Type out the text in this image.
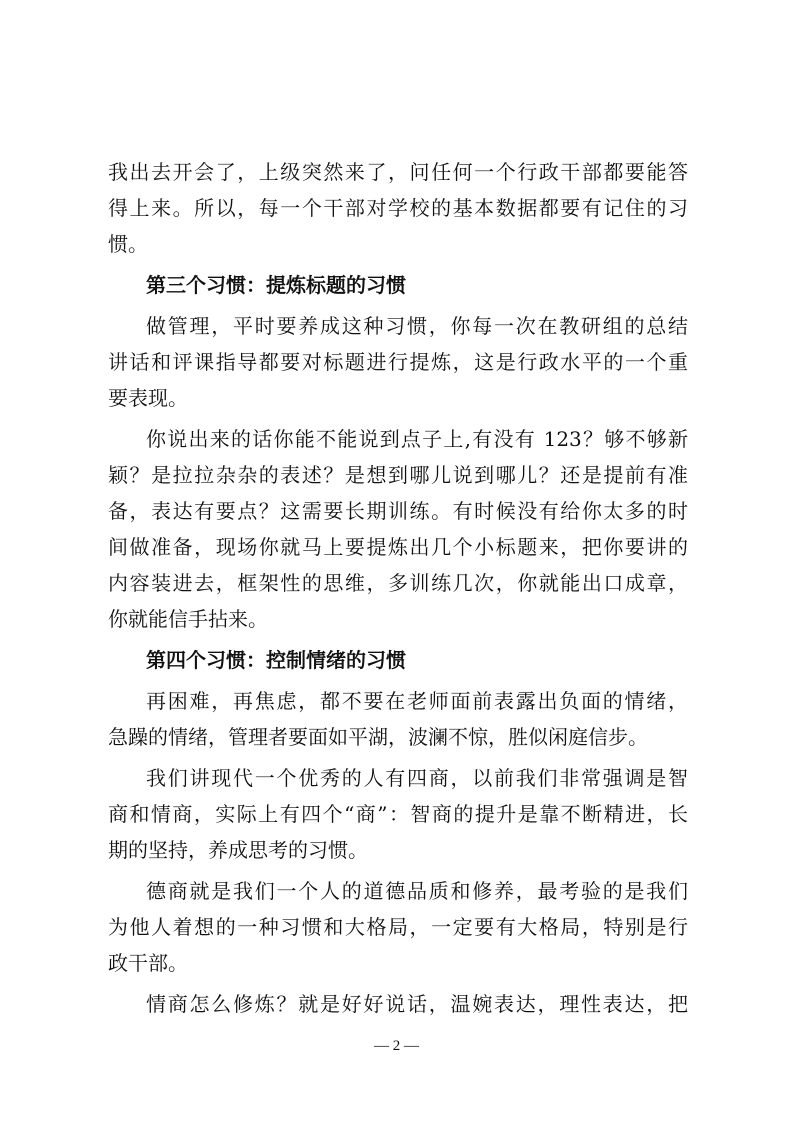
我出去开会了，上级突然来了，问任何一个行政干部都要能答
得上来。所以，每一个干部对学校的基本数据都要有记住的习
惯。
第三个习惯：提炼标题的习惯
做管理，平时要养成这种习惯，你每一次在教研组的总结
讲话和评课指导都要对标题进行提炼，这是行政水平的一个重
要表现。
你说出来的话你能不能说到点子上,有没有 123？够不够新
颖？是拉拉杂杂的表述？是想到哪儿说到哪儿？还是提前有准
备，表达有要点？这需要长期训练。有时候没有给你太多的时
间做准备，现场你就马上要提炼出几个小标题来，把你要讲的
内容装进去，框架性的思维，多训练几次，你就能出口成章，
你就能信手拈来。
第四个习惯：控制情绪的习惯
再困难，再焦虑，都不要在老师面前表露出负面的情绪，
急躁的情绪，管理者要面如平湖，波澜不惊，胜似闲庭信步。
我们讲现代一个优秀的人有四商，以前我们非常强调是智
商和情商，实际上有四个“商”：智商的提升是靠不断精进，长
期的坚持，养成思考的习惯。
德商就是我们一个人的道德品质和修养，最考验的是我们
为他人着想的一种习惯和大格局，一定要有大格局，特别是行
政干部。
情商怎么修炼？就是好好说话，温婉表达，理性表达，把
— 2 —
